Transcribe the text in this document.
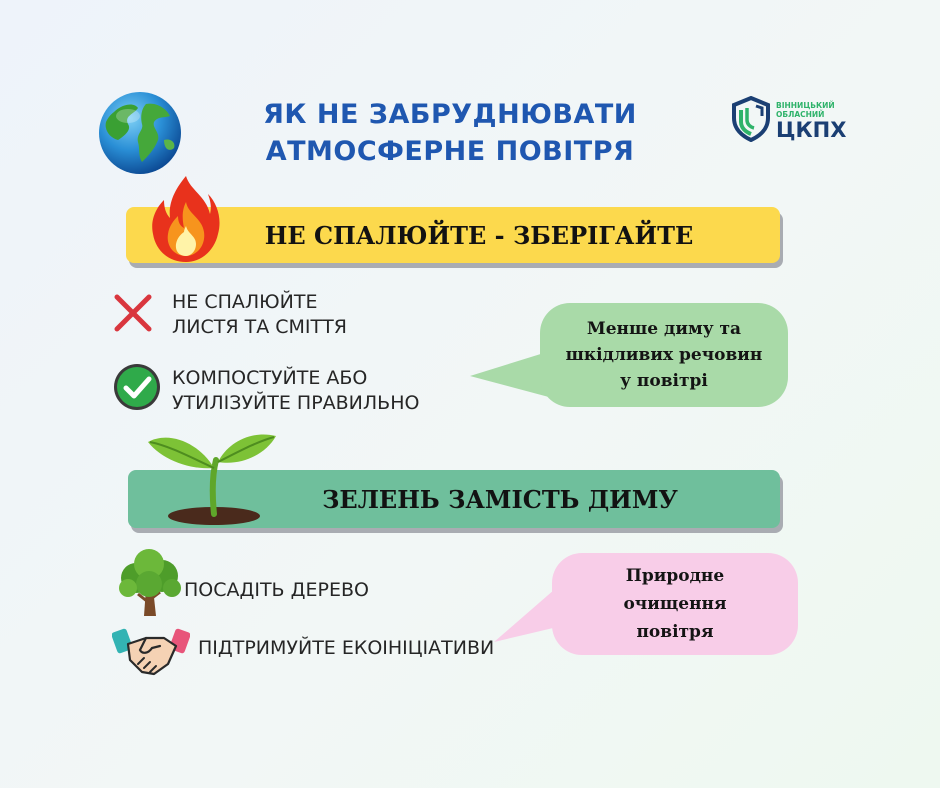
ЯК НЕ ЗАБРУДНЮВАТИ
АТМОСФЕРНЕ ПОВІТРЯ
ВІННИЦЬКИЙ
ОБЛАСНИЙ
ЦКПХ
НЕ СПАЛЮЙТЕ - ЗБЕРІГАЙТЕ
НЕ СПАЛЮЙТЕ
ЛИСТЯ ТА СМІТТЯ
КОМПОСТУЙТЕ АБО
УТИЛІЗУЙТЕ ПРАВИЛЬНО
Менше диму та
шкідливих речовин
у повітрі
ЗЕЛЕНЬ ЗАМІСТЬ ДИМУ
ПОСАДІТЬ ДЕРЕВО
ПІДТРИМУЙТЕ ЕКОІНІЦІАТИВИ
Природне
очищення
повітря
